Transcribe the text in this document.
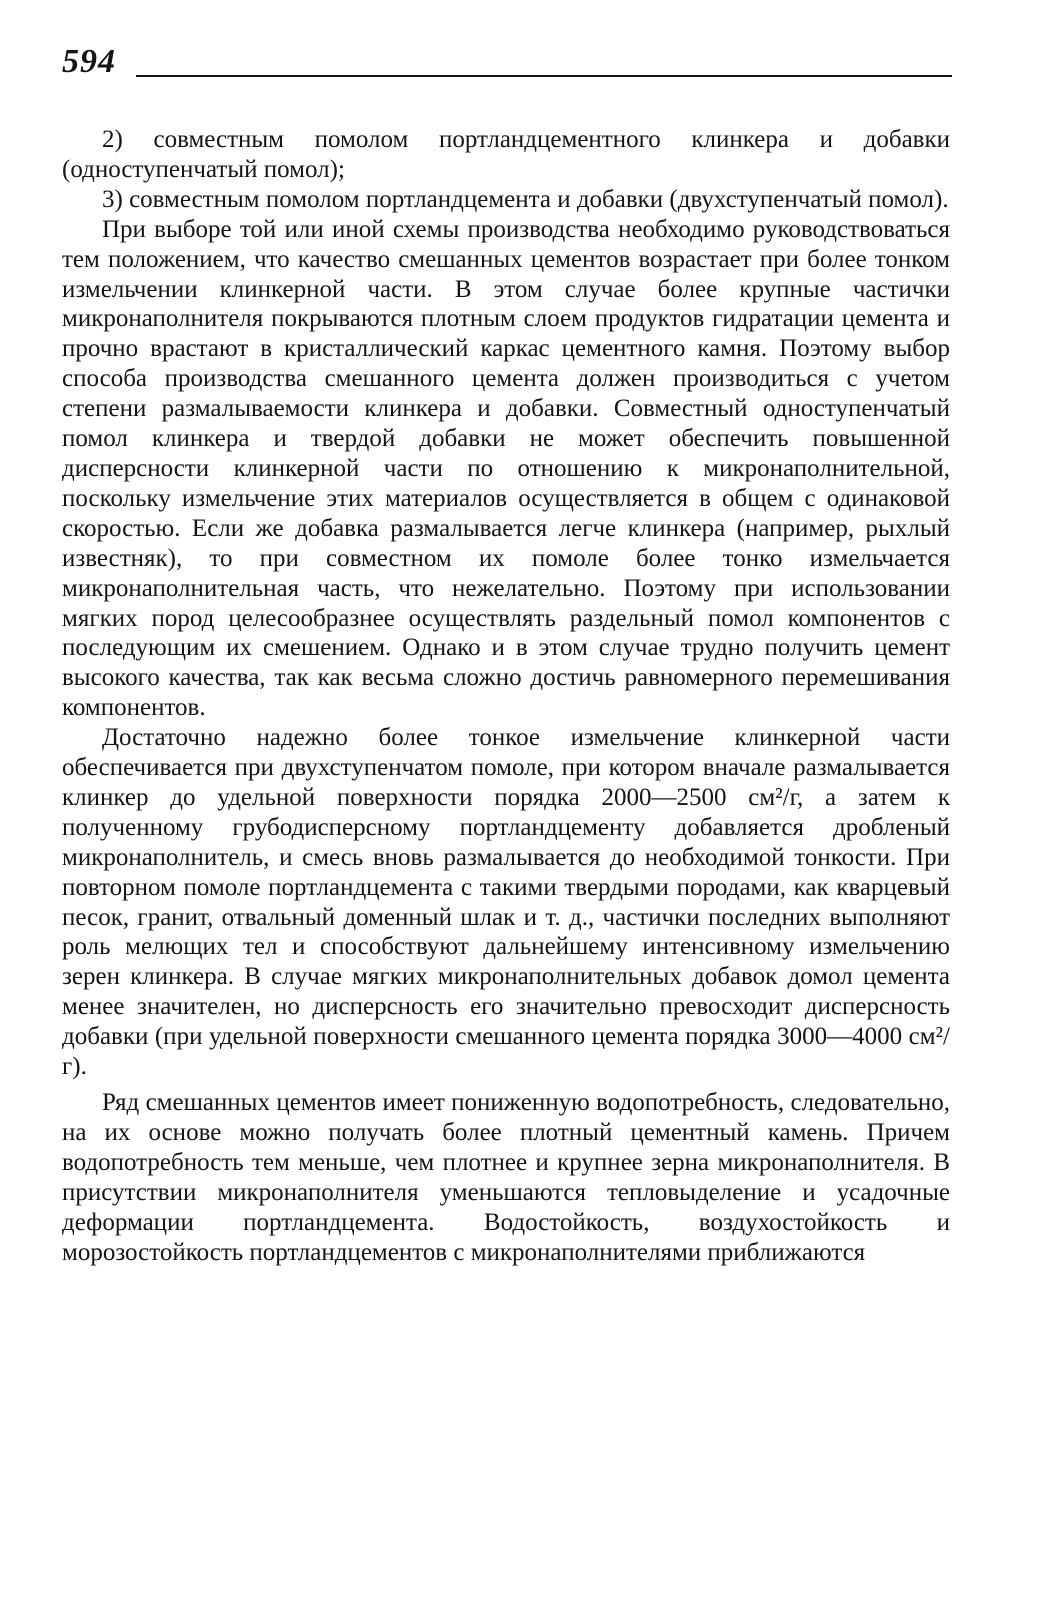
594

2) совместным помолом портландцементного клинкера и добавки (одноступенчатый помол);

3) совместным помолом портландцемента и добавки (двухступенчатый помол).

При выборе той или иной схемы производства необходимо руководствоваться тем положением, что качество смешанных цементов возрастает при более тонком измельчении клинкерной части. В этом случае более крупные частички микронаполнителя покрываются плотным слоем продуктов гидратации цемента и прочно врастают в кристаллический каркас цементного камня. Поэтому выбор способа производства смешанного цемента должен производиться с учетом степени размалываемости клинкера и добавки. Совместный одноступенчатый помол клинкера и твердой добавки не может обеспечить повышенной дисперсности клинкерной части по отношению к микронаполнительной, поскольку измельчение этих материалов осуществляется в общем с одинаковой скоростью. Если же добавка размалывается легче клинкера (например, рыхлый известняк), то при совместном их помоле более тонко измельчается микронаполнительная часть, что нежелательно. Поэтому при использовании мягких пород целесообразнее осуществлять раздельный помол компонентов с последующим их смешением. Однако и в этом случае трудно получить цемент высокого качества, так как весьма сложно достичь равномерного перемешивания компонентов.

Достаточно надежно более тонкое измельчение клинкерной части обеспечивается при двухступенчатом помоле, при котором вначале размалывается клинкер до удельной поверхности порядка 2000—2500 см²/г, а затем к полученному грубодисперсному портландцементу добавляется дробленый микронаполнитель, и смесь вновь размалывается до необходимой тонкости. При повторном помоле портландцемента с такими твердыми породами, как кварцевый песок, гранит, отвальный доменный шлак и т. д., частички последних выполняют роль мелющих тел и способствуют дальнейшему интенсивному измельчению зерен клинкера. В случае мягких микронаполнительных добавок домол цемента менее значителен, но дисперсность его значительно превосходит дисперсность добавки (при удельной поверхности смешанного цемента порядка 3000—4000 см²/г).

Ряд смешанных цементов имеет пониженную водопотребность, следовательно, на их основе можно получать более плотный цементный камень. Причем водопотребность тем меньше, чем плотнее и крупнее зерна микронаполнителя. В присутствии микронаполнителя уменьшаются тепловыделение и усадочные деформации портландцемента. Водостойкость, воздухостойкость и морозостойкость портландцементов с микронаполнителями приближаются
